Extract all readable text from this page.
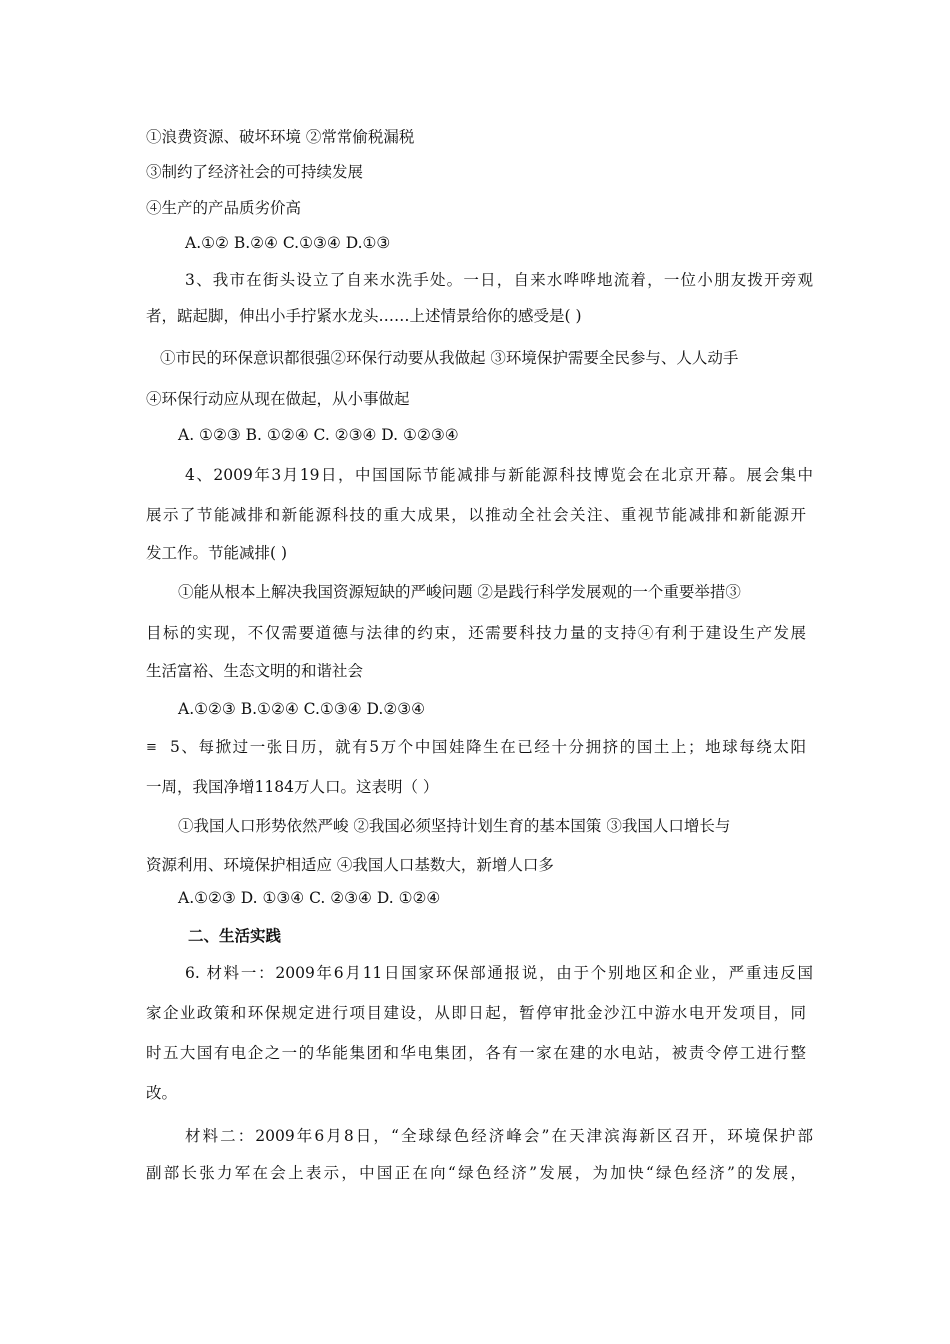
①浪费资源、破坏环境 ②常常偷税漏税
③制约了经济社会的可持续发展
④生产的产品质劣价高
A.①② B.②④ C.①③④ D.①③
3、我市在街头设立了自来水洗手处。一日，自来水哗哗地流着，一位小朋友拨开旁观
者，踮起脚，伸出小手拧紧水龙头……上述情景给你的感受是( )
①市民的环保意识都很强②环保行动要从我做起 ③环境保护需要全民参与、人人动手
④环保行动应从现在做起，从小事做起
A. ①②③ B. ①②④ C. ②③④ D. ①②③④
4、2009年3月19日，中国国际节能减排与新能源科技博览会在北京开幕。展会集中
展示了节能减排和新能源科技的重大成果，以推动全社会关注、重视节能减排和新能源开
发工作。节能减排( )
①能从根本上解决我国资源短缺的严峻问题 ②是践行科学发展观的一个重要举措③
目标的实现，不仅需要道德与法律的约束，还需要科技力量的支持④有利于建设生产发展
生活富裕、生态文明的和谐社会
A.①②③ B.①②④ C.①③④ D.②③④
≡ 5、每掀过一张日历，就有5万个中国娃降生在已经十分拥挤的国土上；地球每绕太阳
一周，我国净增1184万人口。这表明（ ）
①我国人口形势依然严峻 ②我国必须坚持计划生育的基本国策 ③我国人口增长与
资源利用、环境保护相适应 ④我国人口基数大，新增人口多
A.①②③ D. ①③④ C. ②③④ D. ①②④
二、生活实践
6. 材料一：2009年6月11日国家环保部通报说，由于个别地区和企业，严重违反国
家企业政策和环保规定进行项目建设，从即日起，暂停审批金沙江中游水电开发项目，同
时五大国有电企之一的华能集团和华电集团，各有一家在建的水电站，被责令停工进行整
改。
材料二：2009年6月8日，“全球绿色经济峰会”在天津滨海新区召开，环境保护部
副部长张力军在会上表示，中国正在向“绿色经济”发展，为加快“绿色经济”的发展，
